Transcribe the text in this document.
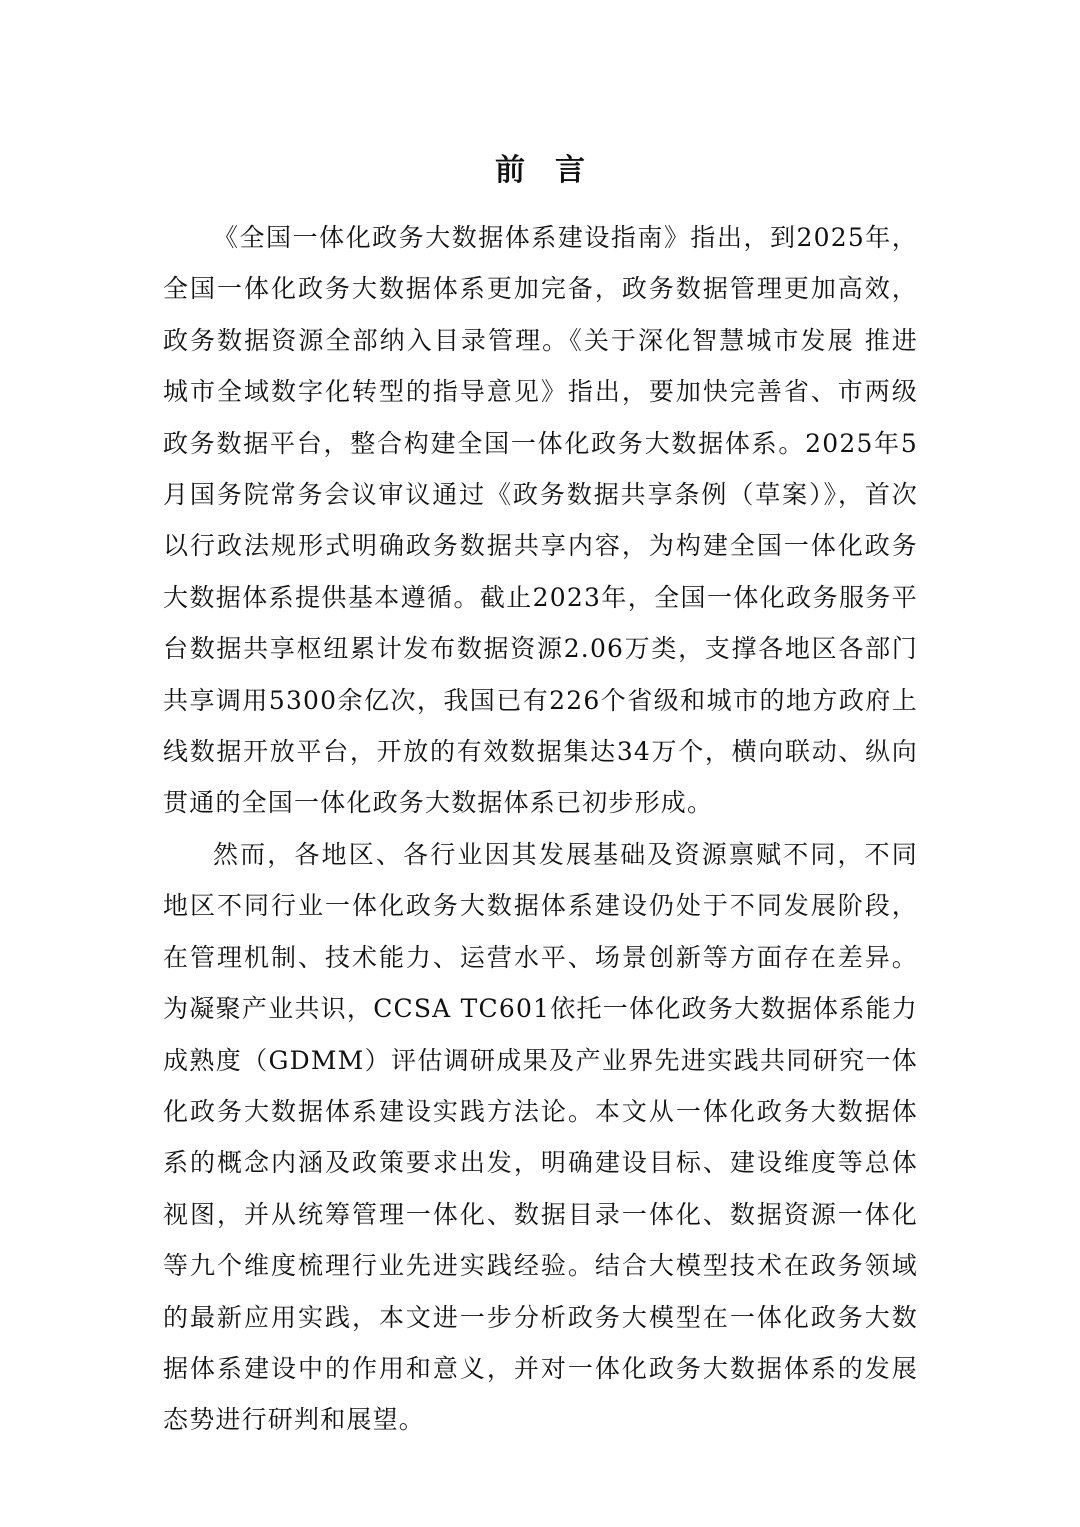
前言

《全国一体化政务大数据体系建设指南》指出，到2025年，全国一体化政务大数据体系更加完备，政务数据管理更加高效，政务数据资源全部纳入目录管理。《关于深化智慧城市发展 推进城市全域数字化转型的指导意见》指出，要加快完善省、市两级政务数据平台，整合构建全国一体化政务大数据体系。2025年5月国务院常务会议审议通过《政务数据共享条例（草案）》，首次以行政法规形式明确政务数据共享内容，为构建全国一体化政务大数据体系提供基本遵循。截止2023年，全国一体化政务服务平台数据共享枢纽累计发布数据资源2.06万类，支撑各地区各部门共享调用5300余亿次，我国已有226个省级和城市的地方政府上线数据开放平台，开放的有效数据集达34万个，横向联动、纵向贯通的全国一体化政务大数据体系已初步形成。

然而，各地区、各行业因其发展基础及资源禀赋不同，不同地区不同行业一体化政务大数据体系建设仍处于不同发展阶段，在管理机制、技术能力、运营水平、场景创新等方面存在差异。为凝聚产业共识，CCSA TC601依托一体化政务大数据体系能力成熟度（GDMM）评估调研成果及产业界先进实践共同研究一体化政务大数据体系建设实践方法论。本文从一体化政务大数据体系的概念内涵及政策要求出发，明确建设目标、建设维度等总体视图，并从统筹管理一体化、数据目录一体化、数据资源一体化等九个维度梳理行业先进实践经验。结合大模型技术在政务领域的最新应用实践，本文进一步分析政务大模型在一体化政务大数据体系建设中的作用和意义，并对一体化政务大数据体系的发展态势进行研判和展望。
